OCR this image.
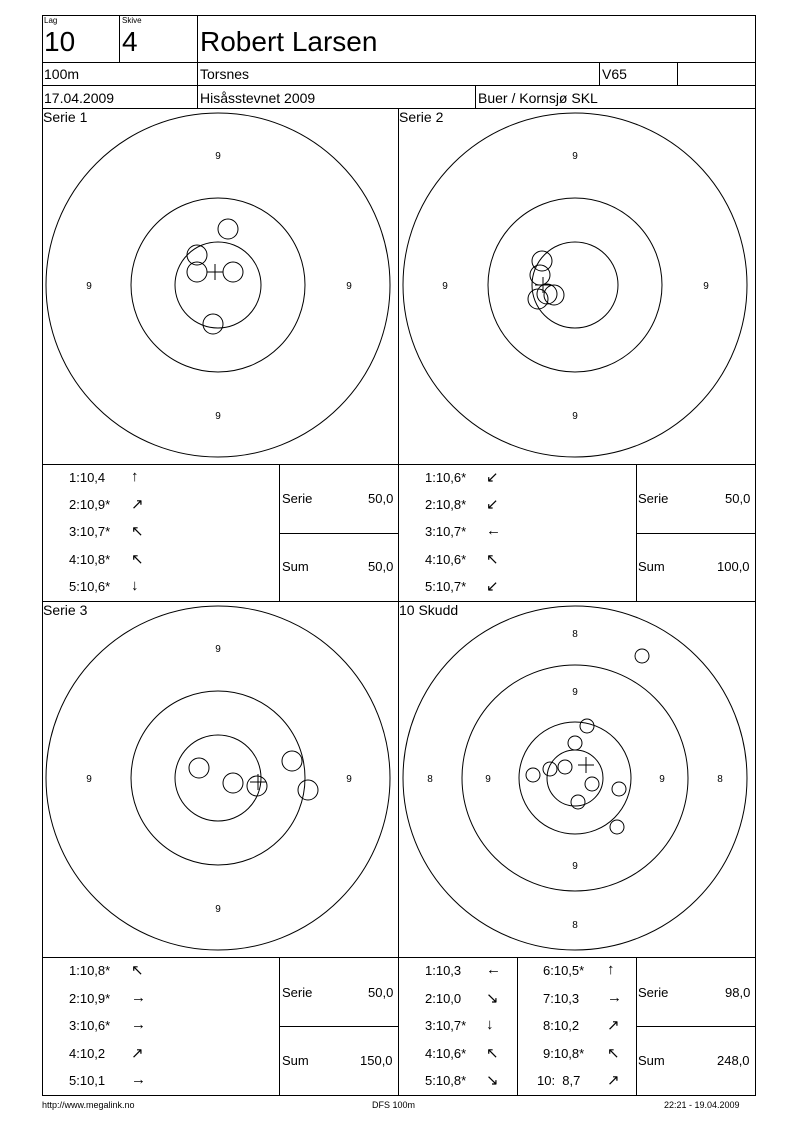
Lag
10
Skive
4 Robert Larsen
100m	Torsnes	V65
17.04.2009	Hisåsstevnet 2009	Buer / Kornsjø SKL
Serie 1	Serie 2
Serie 3	10 Skudd
9
9
9	9
9
9
9	9
9
9
9	9
8
8
8	8
9
9
9	9
1:10,4 ↑
2:10,9* ↗
3:10,7* ↖
4:10,8* ↖
5:10,6* ↓
Serie	50,0
Sum	50,0
1:10,6* ↙
2:10,8* ↙
3:10,7* ←
4:10,6* ↖
5:10,7* ↙
Serie	50,0
Sum	100,0
1:10,8* ↖
2:10,9* →
3:10,6* →
4:10,2 ↗
5:10,1 →
Serie	50,0
Sum	150,0
1:10,3 ←
2:10,0 ↘
3:10,7* ↓
4:10,6* ↖
5:10,8* ↘
6:10,5* ↑
7:10,3 →
8:10,2 ↗
9:10,8* ↖
10:  8,7 ↗
Serie	98,0
Sum	248,0
http://www.megalink.no	DFS 100m	22:21 - 19.04.2009
